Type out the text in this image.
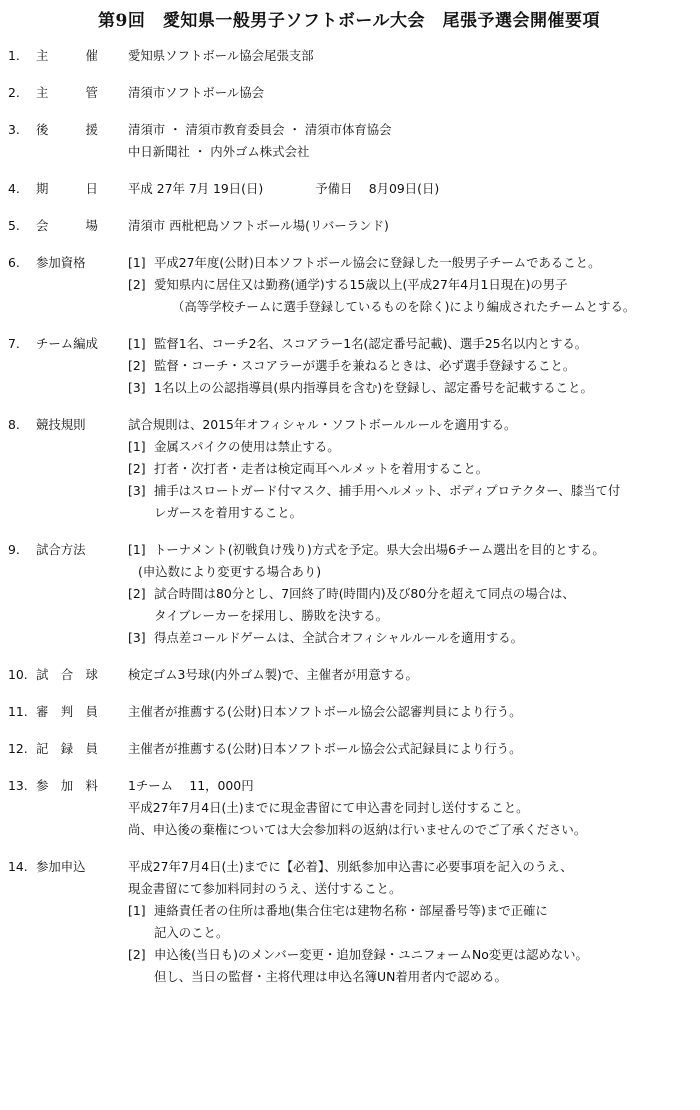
第9回　愛知県一般男子ソフトボール大会　尾張予選会開催要項
1.	主　　　催	愛知県ソフトボール協会尾張支部
2.	主　　　管	清須市ソフトボール協会
3.	後　　　援	清須市 ・ 清須市教育委員会 ・ 清須市体育協会
中日新聞社 ・ 内外ゴム株式会社
4.	期　　　日	平成 27年 7月 19日(日)	予備日　 8月09日(日)
5.	会　　　場	清須市 西枇杷島ソフトボール場(リバーランド)
6.	参加資格	[1] 平成27年度(公財)日本ソフトボール協会に登録した一般男子チームであること。
[2] 愛知県内に居住又は勤務(通学)する15歳以上(平成27年4月1日現在)の男子
（高等学校チームに選手登録しているものを除く)により編成されたチームとする。
7.	チーム編成	[1] 監督1名、コーチ2名、スコアラー1名(認定番号記載)、選手25名以内とする。
[2] 監督・コーチ・スコアラーが選手を兼ねるときは、必ず選手登録すること。
[3] 1名以上の公認指導員(県内指導員を含む)を登録し、認定番号を記載すること。
8.	競技規則	試合規則は、2015年オフィシャル・ソフトボールルールを適用する。
[1] 金属スパイクの使用は禁止する。
[2] 打者・次打者・走者は検定両耳ヘルメットを着用すること。
[3] 捕手はスロートガード付マスク、捕手用ヘルメット、ボディプロテクター、膝当て付
レガースを着用すること。
9.	試合方法	[1] トーナメント(初戦負け残り)方式を予定。県大会出場6チーム選出を目的とする。
(申込数により変更する場合あり)
[2] 試合時間は80分とし、7回終了時(時間内)及び80分を超えて同点の場合は、
タイブレーカーを採用し、勝敗を決する。
[3] 得点差コールドゲームは、全試合オフィシャルルールを適用する。
10. 試　合　球	検定ゴム3号球(内外ゴム製)で、主催者が用意する。
11. 審　判　員	主催者が推薦する(公財)日本ソフトボール協会公認審判員により行う。
12. 記　録　員	主催者が推薦する(公財)日本ソフトボール協会公式記録員により行う。
13. 参　加　料	1チーム　 11，000円
平成27年7月4日(土)までに現金書留にて申込書を同封し送付すること。
尚、申込後の棄権については大会参加料の返納は行いませんのでご了承ください。
14. 参加申込	平成27年7月4日(土)までに【必着】、別紙参加申込書に必要事項を記入のうえ、
現金書留にて参加料同封のうえ、送付すること。
[1] 連絡責任者の住所は番地(集合住宅は建物名称・部屋番号等)まで正確に
記入のこと。
[2] 申込後(当日も)のメンバー変更・追加登録・ユニフォームNo変更は認めない。
但し、当日の監督・主将代理は申込名簿UN着用者内で認める。
